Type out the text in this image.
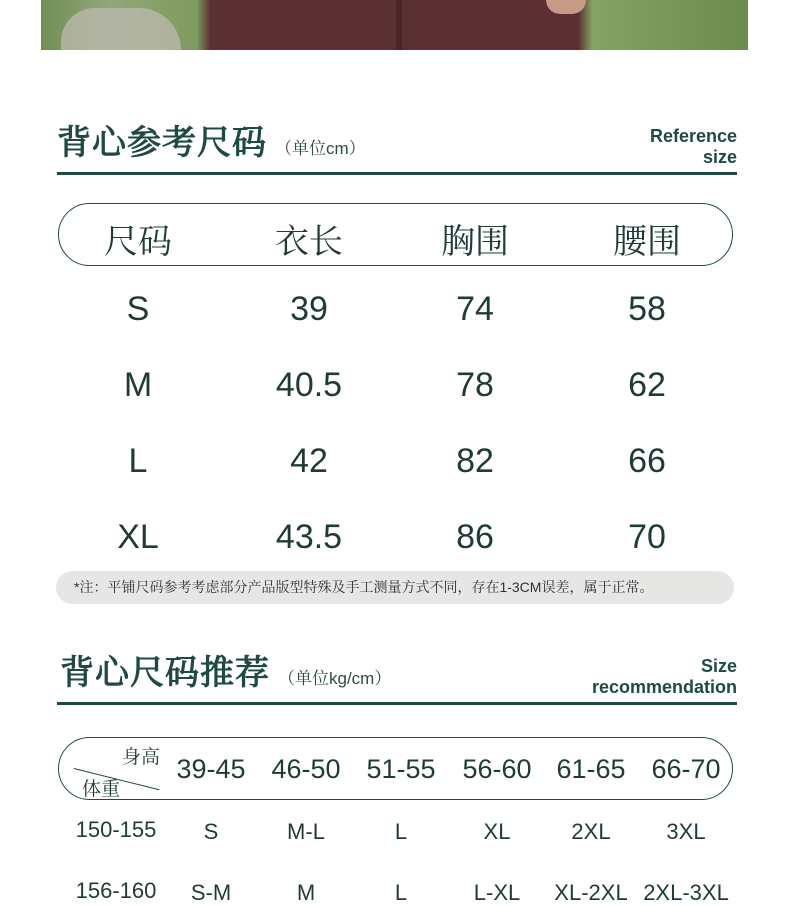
背心参考尺码 （单位cm）
Reference
size
尺码	衣长	胸围	腰围
S	39	74	58
M	40.5	78	62
L	42	82	66
XL	43.5	86	70
*注：平铺尺码参考考虑部分产品版型特殊及手工测量方式不同，存在1-3CM误差，属于正常。
背心尺码推荐 （单位kg/cm）
Size
recommendation
身高
体重
39-45 46-50 51-55 56-60 61-65 66-70
150-155 S	M-L	L	XL	2XL	3XL
156-160 S-M	M	L	L-XL XL-2XL 2XL-3XL
